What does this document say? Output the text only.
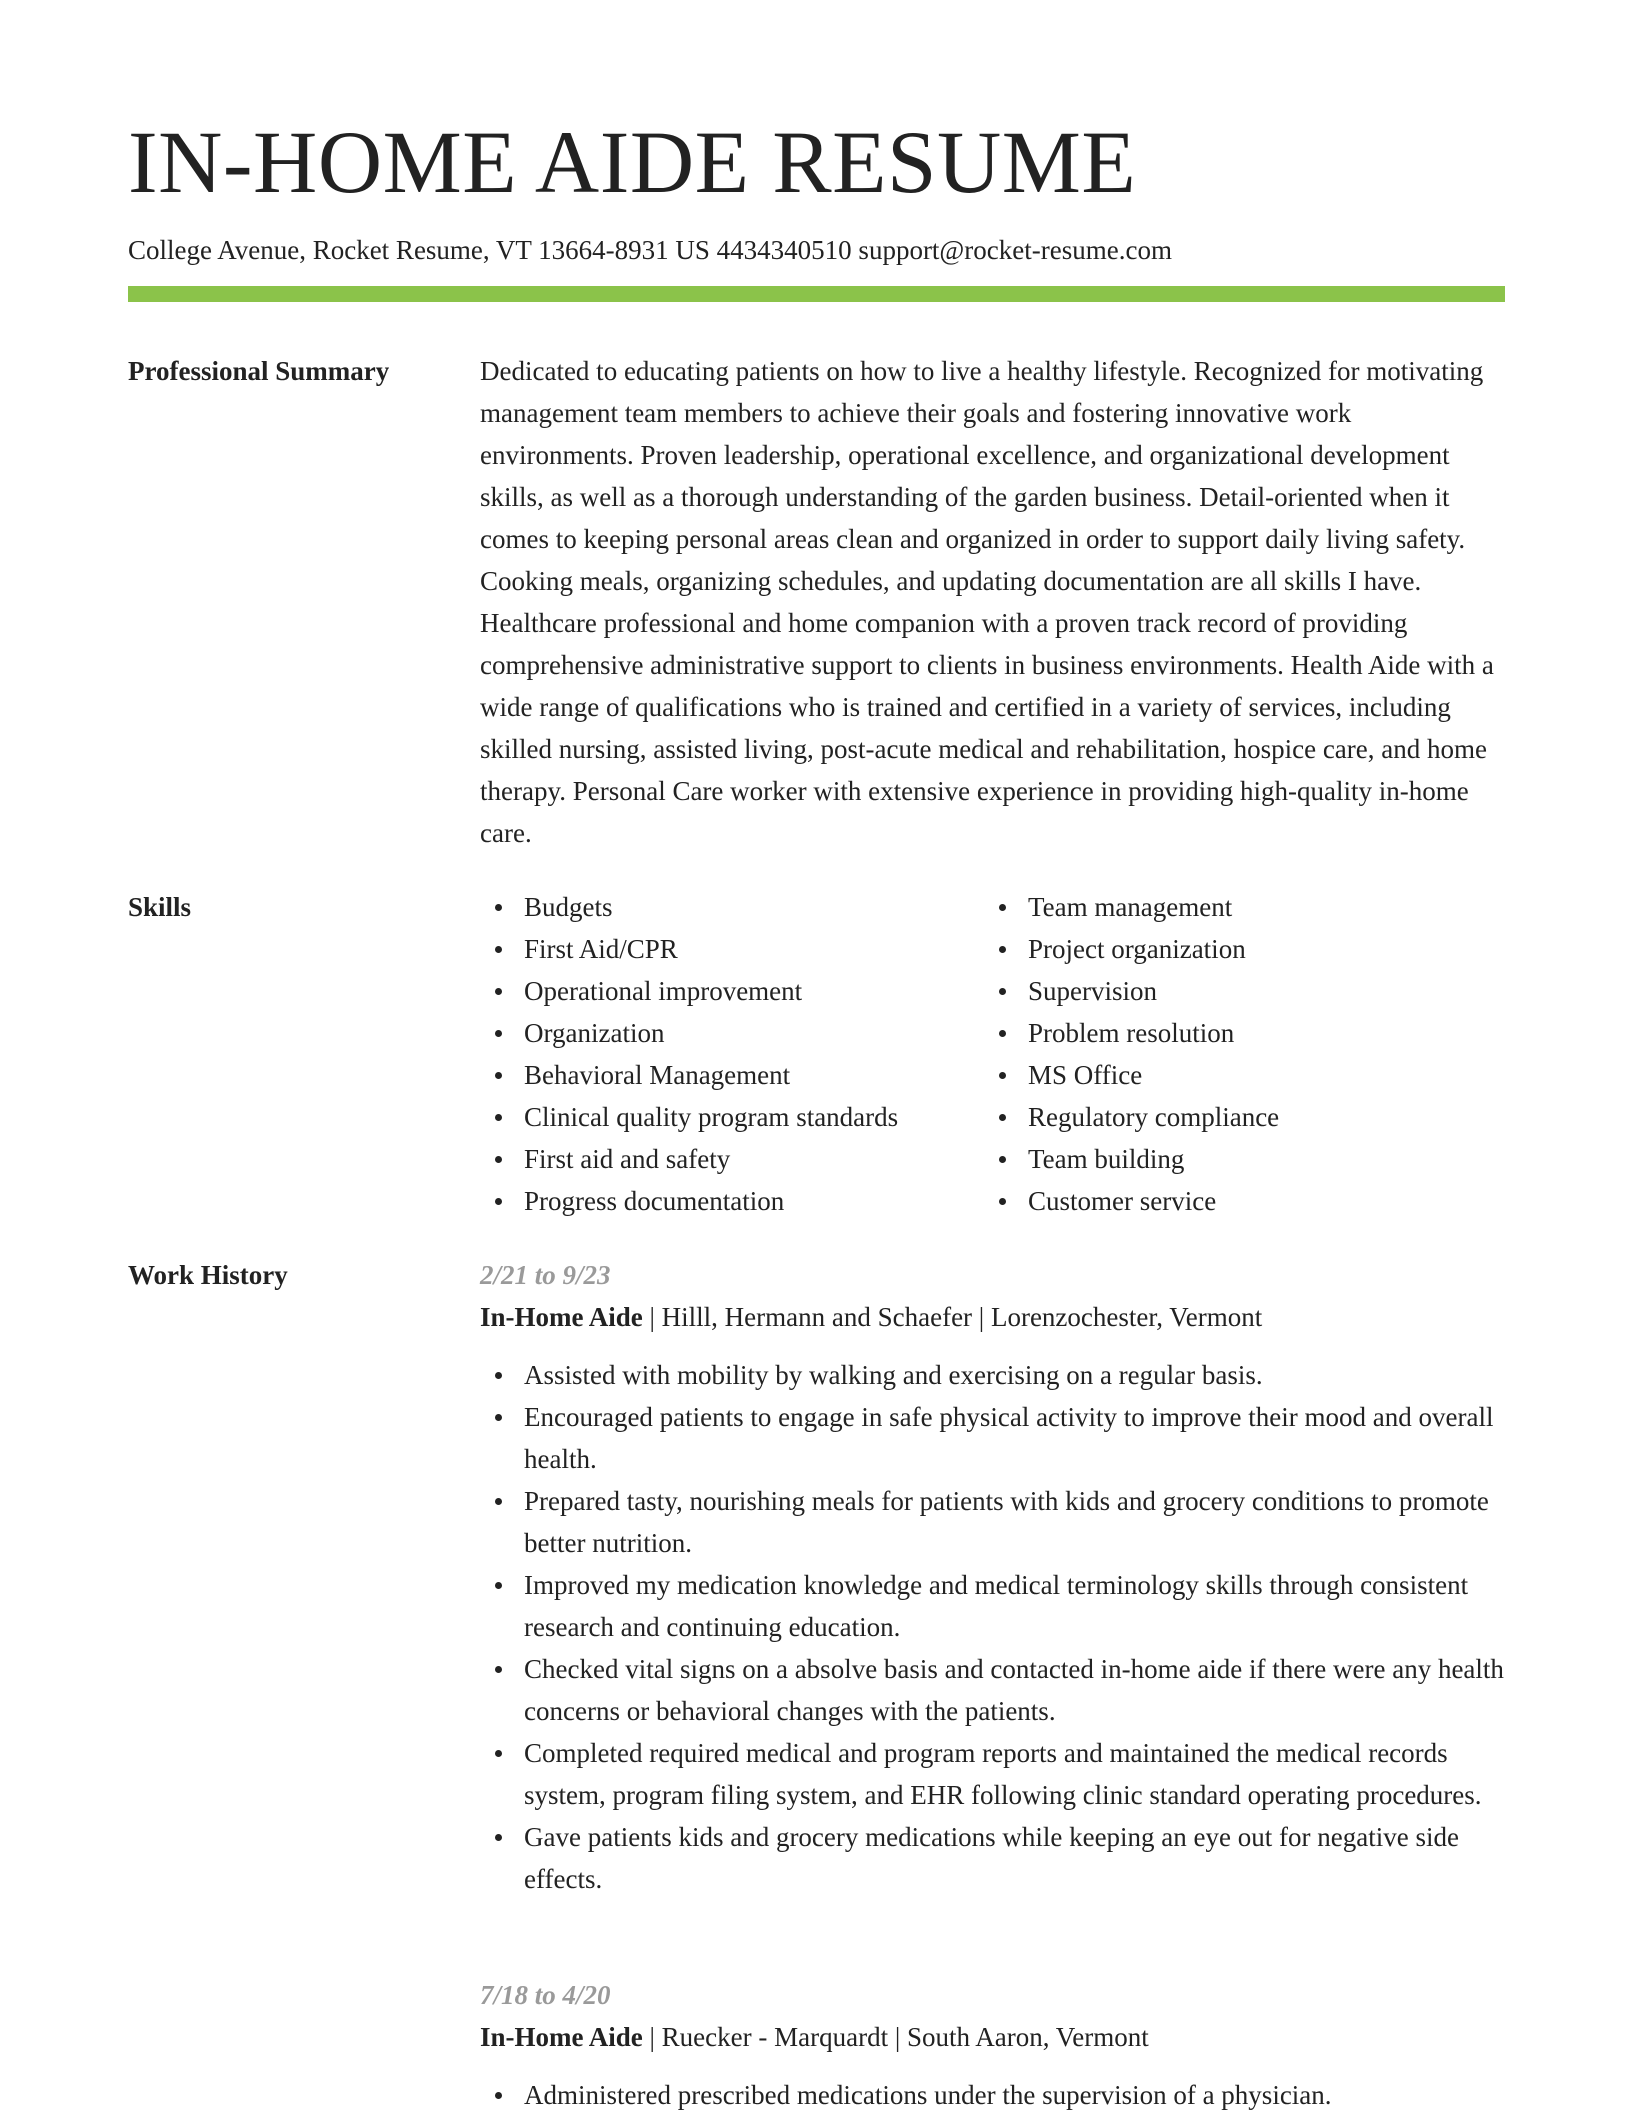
IN-HOME AIDE RESUME
College Avenue, Rocket Resume, VT 13664-8931 US 4434340510 support@rocket-resume.com
Professional Summary	Dedicated to educating patients on how to live a healthy lifestyle. Recognized for motivating management team members to achieve their goals and fostering innovative work environments. Proven leadership, operational excellence, and organizational development skills, as well as a thorough understanding of the garden business. Detail-oriented when it comes to keeping personal areas clean and organized in order to support daily living safety. Cooking meals, organizing schedules, and updating documentation are all skills I have. Healthcare professional and home companion with a proven track record of providing comprehensive administrative support to clients in business environments. Health Aide with a wide range of qualifications who is trained and certified in a variety of services, including skilled nursing, assisted living, post-acute medical and rehabilitation, hospice care, and home therapy. Personal Care worker with extensive experience in providing high-quality in-home care.

Skills	Budgets
First Aid/CPR
Operational improvement
Organization
Behavioral Management
Clinical quality program standards
First aid and safety
Progress documentation
Team management
Project organization
Supervision
Problem resolution
MS Office
Regulatory compliance
Team building
Customer service
Work History	2/21 to 9/23
In-Home Aide | Hilll, Hermann and Schaefer | Lorenzochester, Vermont
Assisted with mobility by walking and exercising on a regular basis.
Encouraged patients to engage in safe physical activity to improve their mood and overall health.
Prepared tasty, nourishing meals for patients with kids and grocery conditions to promote better nutrition.
Improved my medication knowledge and medical terminology skills through consistent research and continuing education.
Checked vital signs on a absolve basis and contacted in-home aide if there were any health concerns or behavioral changes with the patients.
Completed required medical and program reports and maintained the medical records system, program filing system, and EHR following clinic standard operating procedures.
Gave patients kids and grocery medications while keeping an eye out for negative side effects.
7/18 to 4/20
In-Home Aide | Ruecker - Marquardt | South Aaron, Vermont
Administered prescribed medications under the supervision of a physician.
